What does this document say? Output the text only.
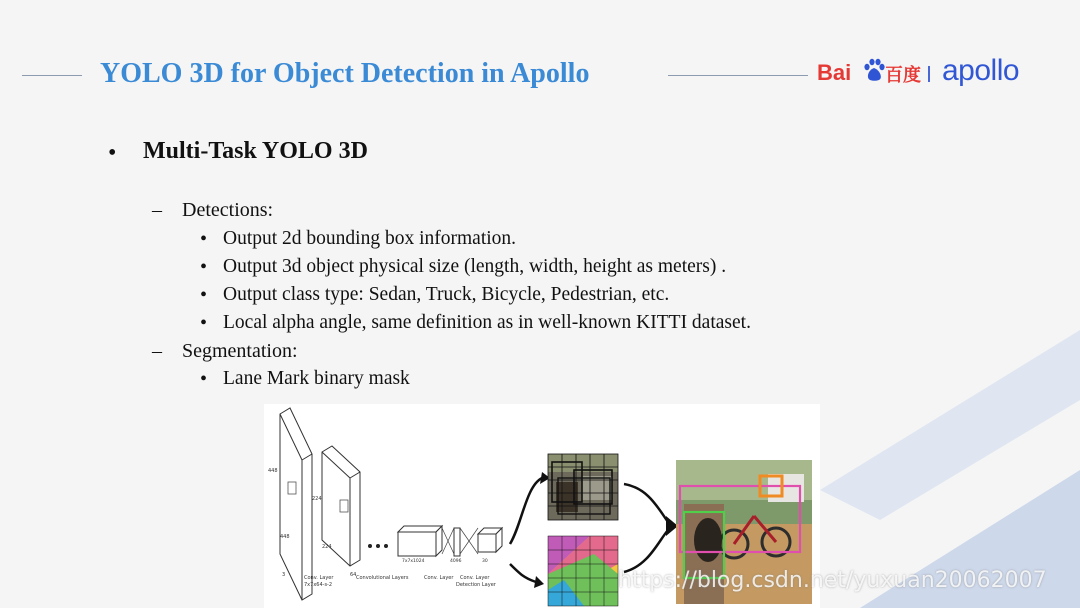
YOLO 3D for Object Detection in Apollo	Bai 百度 apollo
• Multi-Task YOLO 3D
– Detections:
• Output 2d bounding box information.
• Output 3d object physical size (length, width, height as meters) .
• Output class type: Sedan, Truck, Bicycle, Pedestrian, etc.
• Local alpha angle, same definition as in well-known KITTI dataset.
– Segmentation:
• Lane Mark binary mask
448
448
3
224
224
64
7x7x1024	4096	30
Conv. Layer
7x7x64-s-2
Convolutional Layers	Conv. Layer Conv. Layer
Detection Layer	https://blog.csdn.net/yuxuan20062007
